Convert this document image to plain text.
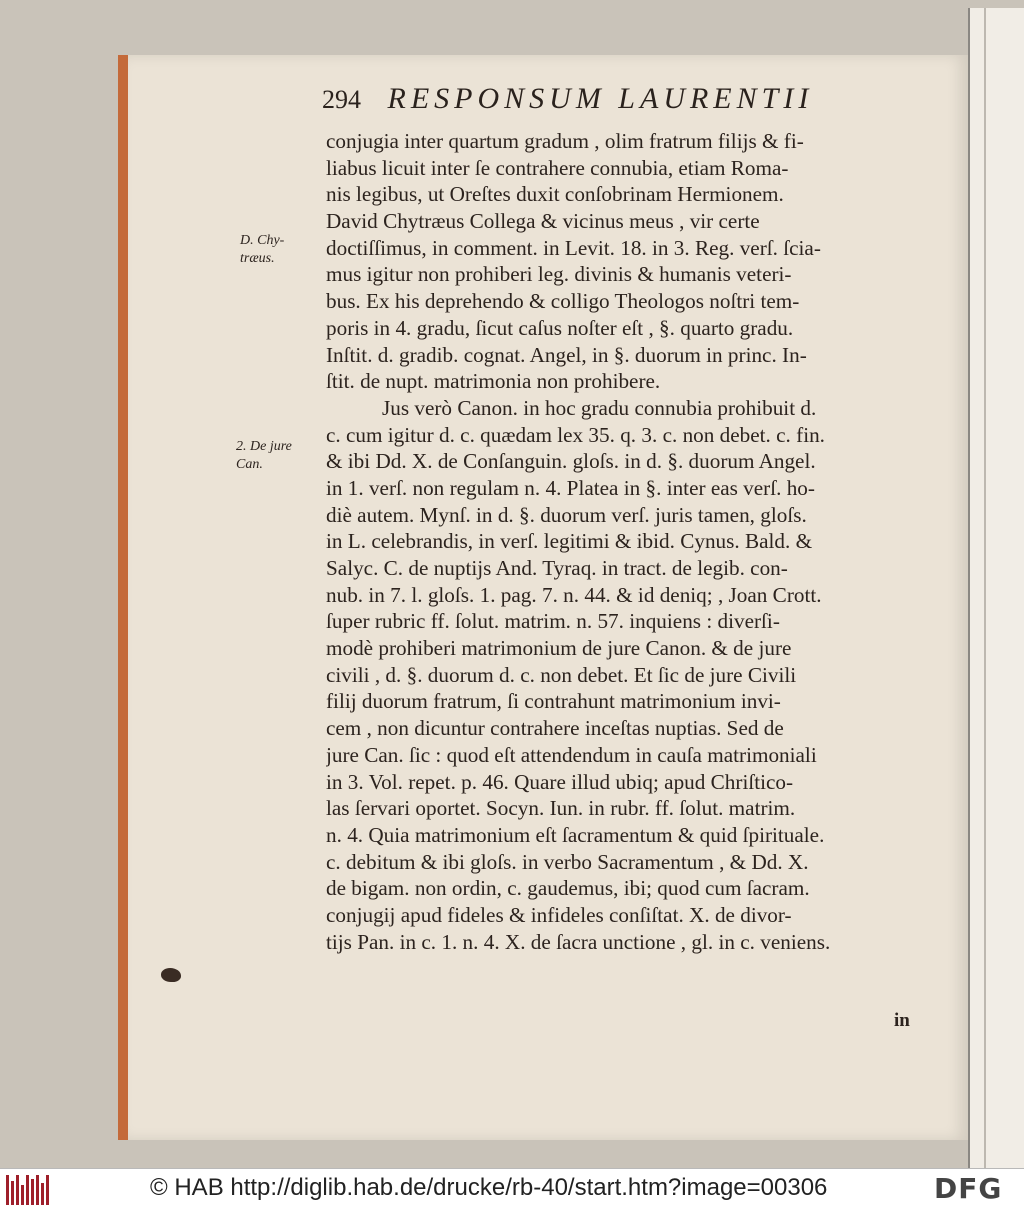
294 RESPONSUM LAURENTII
D. Chy-
træus.
2. De jure
Can.
conjugia inter quartum gradum , olim fratrum filijs & fi-
liabus licuit inter ſe contrahere connubia, etiam Roma-
nis legibus, ut Oreſtes duxit conſobrinam Hermionem.
David Chytræus Collega & vicinus meus , vir certe
doctiſſimus, in comment. in Levit. 18. in 3. Reg. verſ. ſcia-
mus igitur non prohiberi leg. divinis & humanis veteri-
bus. Ex his deprehendo & colligo Theologos noſtri tem-
poris in 4. gradu, ſicut caſus noſter eſt , §. quarto gradu.
Inſtit. d. gradib. cognat. Angel, in §. duorum in princ. In-
ſtit. de nupt. matrimonia non prohibere.
Jus verò Canon. in hoc gradu connubia prohibuit d.
c. cum igitur d. c. quædam lex 35. q. 3. c. non debet. c. fin.
& ibi Dd. X. de Conſanguin. gloſs. in d. §. duorum Angel.
in 1. verſ. non regulam n. 4. Platea in §. inter eas verſ. ho-
diè autem. Mynſ. in d. §. duorum verſ. juris tamen, gloſs.
in L. celebrandis, in verſ. legitimi & ibid. Cynus. Bald. &
Salyc. C. de nuptijs And. Tyraq. in tract. de legib. con-
nub. in 7. l. gloſs. 1. pag. 7. n. 44. & id deniq; , Joan Crott.
ſuper rubric ff. ſolut. matrim. n. 57. inquiens : diverſi-
modè prohiberi matrimonium de jure Canon. & de jure
civili , d. §. duorum d. c. non debet. Et ſic de jure Civili
filij duorum fratrum, ſi contrahunt matrimonium invi-
cem , non dicuntur contrahere inceſtas nuptias. Sed de
jure Can. ſic : quod eſt attendendum in cauſa matrimoniali
in 3. Vol. repet. p. 46. Quare illud ubiq; apud Chriſtico-
las ſervari oportet. Socyn. Iun. in rubr. ff. ſolut. matrim.
n. 4. Quia matrimonium eſt ſacramentum & quid ſpirituale.
c. debitum & ibi gloſs. in verbo Sacramentum , & Dd. X.
de bigam. non ordin, c. gaudemus, ibi; quod cum ſacram.
conjugij apud fideles & infideles conſiſtat. X. de divor-
tijs Pan. in c. 1. n. 4. X. de ſacra unctione , gl. in c. veniens.
in
© HAB http://diglib.hab.de/drucke/rb-40/start.htm?image=00306	DFG
